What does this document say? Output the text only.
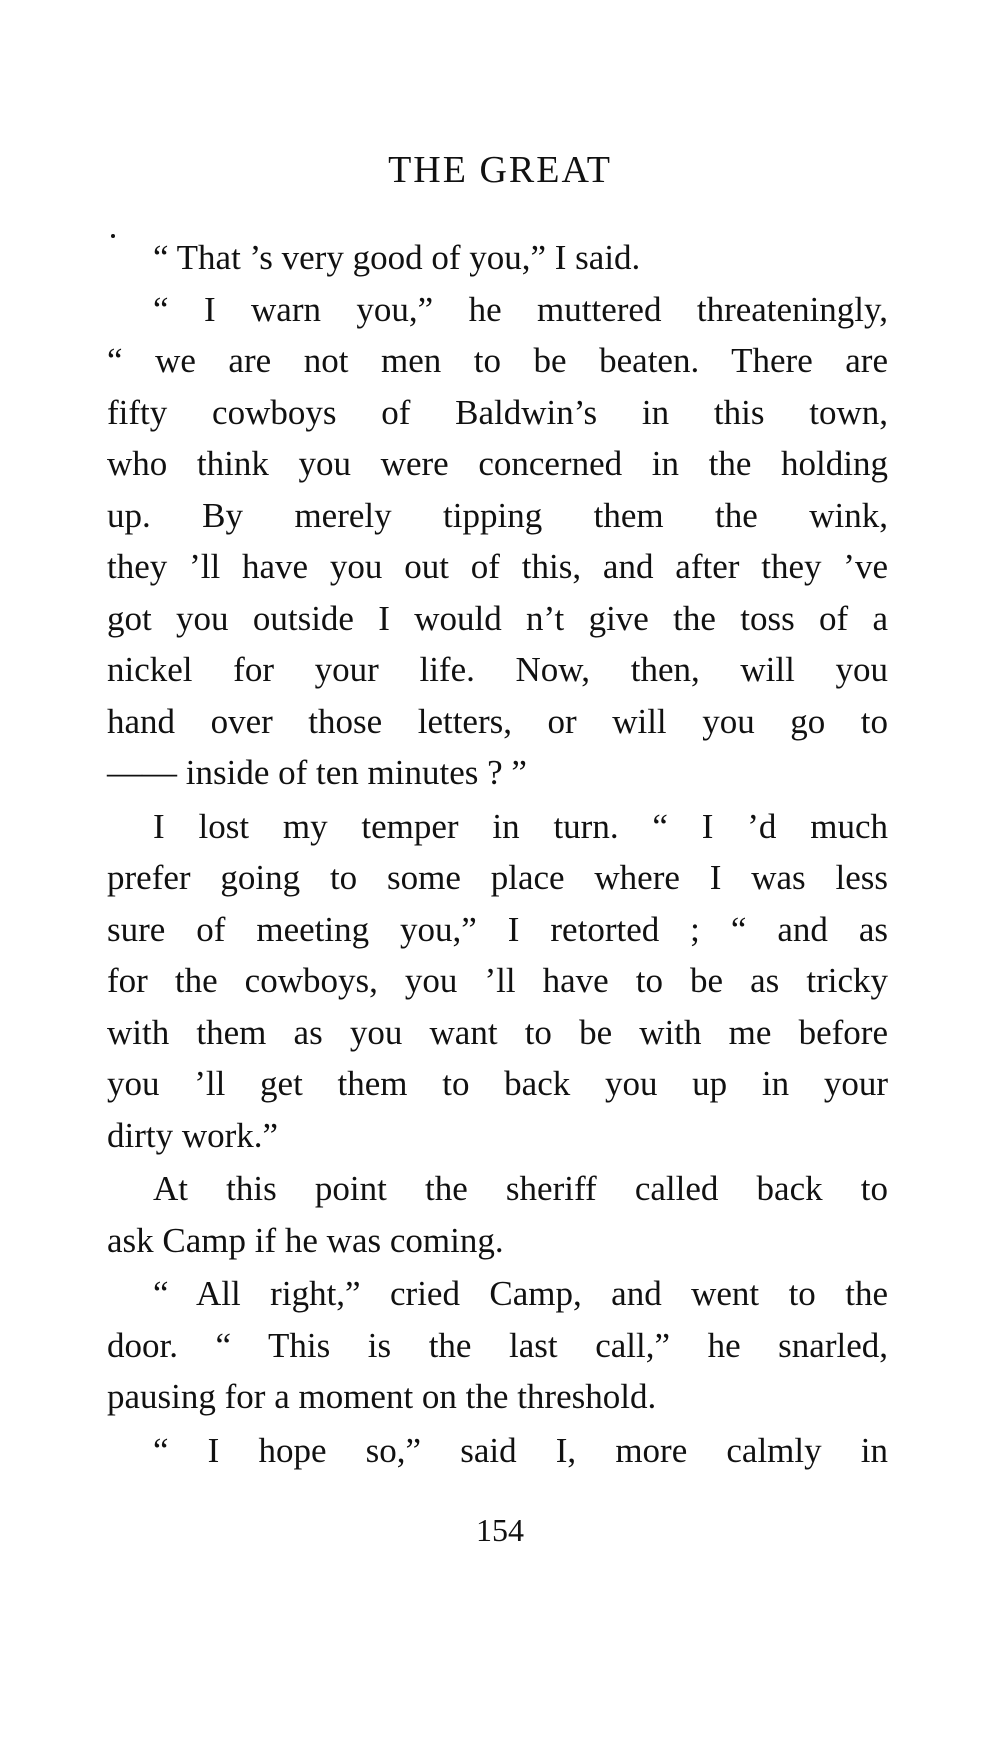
THE GREAT
“ That ’s very good of you,” I said.
“ I warn you,” he muttered threateningly,
“ we are not men to be beaten. There are
fifty cowboys of Baldwin’s in this town,
who think you were concerned in the holding
up. By merely tipping them the wink,
they ’ll have you out of this, and after they ’ve
got you outside I would n’t give the toss of a
nickel for your life. Now, then, will you
hand over those letters, or will you go to
—— inside of ten minutes ? ”
I lost my temper in turn. “ I ’d much
prefer going to some place where I was less
sure of meeting you,” I retorted ; “ and as
for the cowboys, you ’ll have to be as tricky
with them as you want to be with me before
you ’ll get them to back you up in your
dirty work.”
At this point the sheriff called back to
ask Camp if he was coming.
“ All right,” cried Camp, and went to the
door. “ This is the last call,” he snarled,
pausing for a moment on the threshold.
“ I hope so,” said I, more calmly in
154
